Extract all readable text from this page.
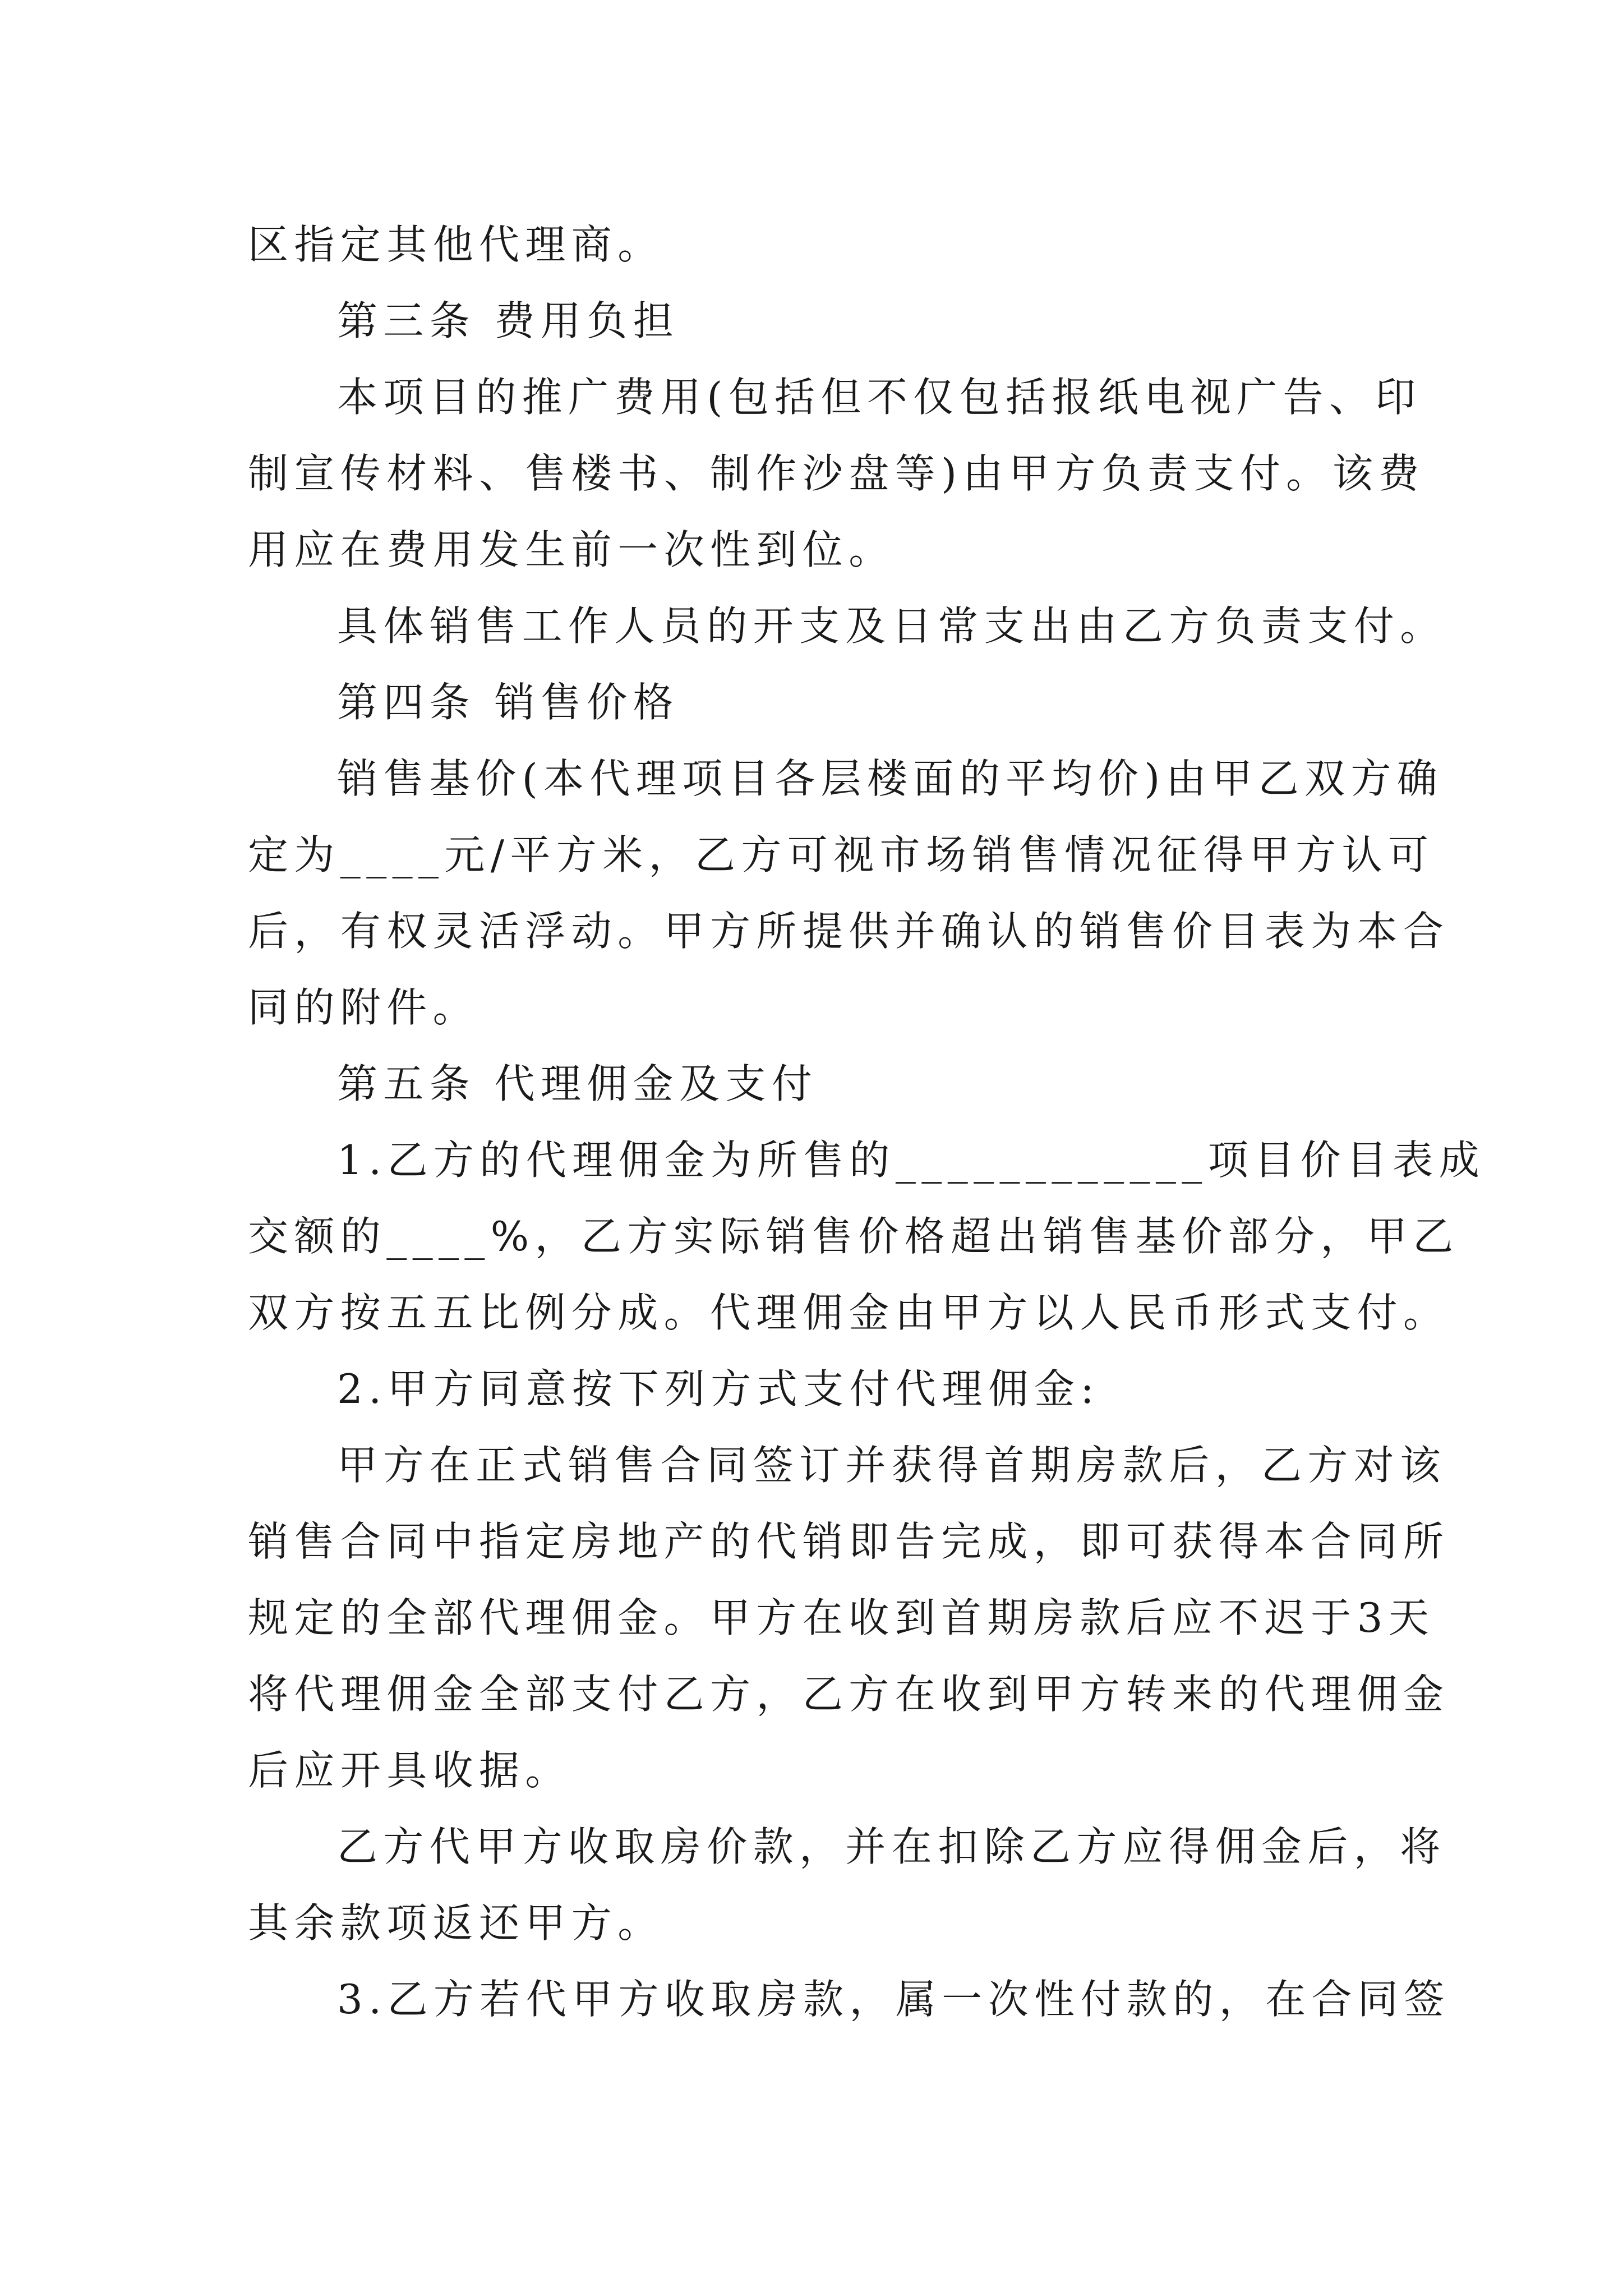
区指定其他代理商。
第三条 费用负担
本项目的推广费用(包括但不仅包括报纸电视广告、印
制宣传材料、售楼书、制作沙盘等)由甲方负责支付。该费
用应在费用发生前一次性到位。
具体销售工作人员的开支及日常支出由乙方负责支付。
第四条 销售价格
销售基价(本代理项目各层楼面的平均价)由甲乙双方确
定为____元/平方米，乙方可视市场销售情况征得甲方认可
后，有权灵活浮动。甲方所提供并确认的销售价目表为本合
同的附件。
第五条 代理佣金及支付
1.乙方的代理佣金为所售的____________项目价目表成
交额的____%，乙方实际销售价格超出销售基价部分，甲乙
双方按五五比例分成。代理佣金由甲方以人民币形式支付。
2.甲方同意按下列方式支付代理佣金:
甲方在正式销售合同签订并获得首期房款后，乙方对该
销售合同中指定房地产的代销即告完成，即可获得本合同所
规定的全部代理佣金。甲方在收到首期房款后应不迟于3天
将代理佣金全部支付乙方，乙方在收到甲方转来的代理佣金
后应开具收据。
乙方代甲方收取房价款，并在扣除乙方应得佣金后，将
其余款项返还甲方。
3.乙方若代甲方收取房款，属一次性付款的，在合同签
